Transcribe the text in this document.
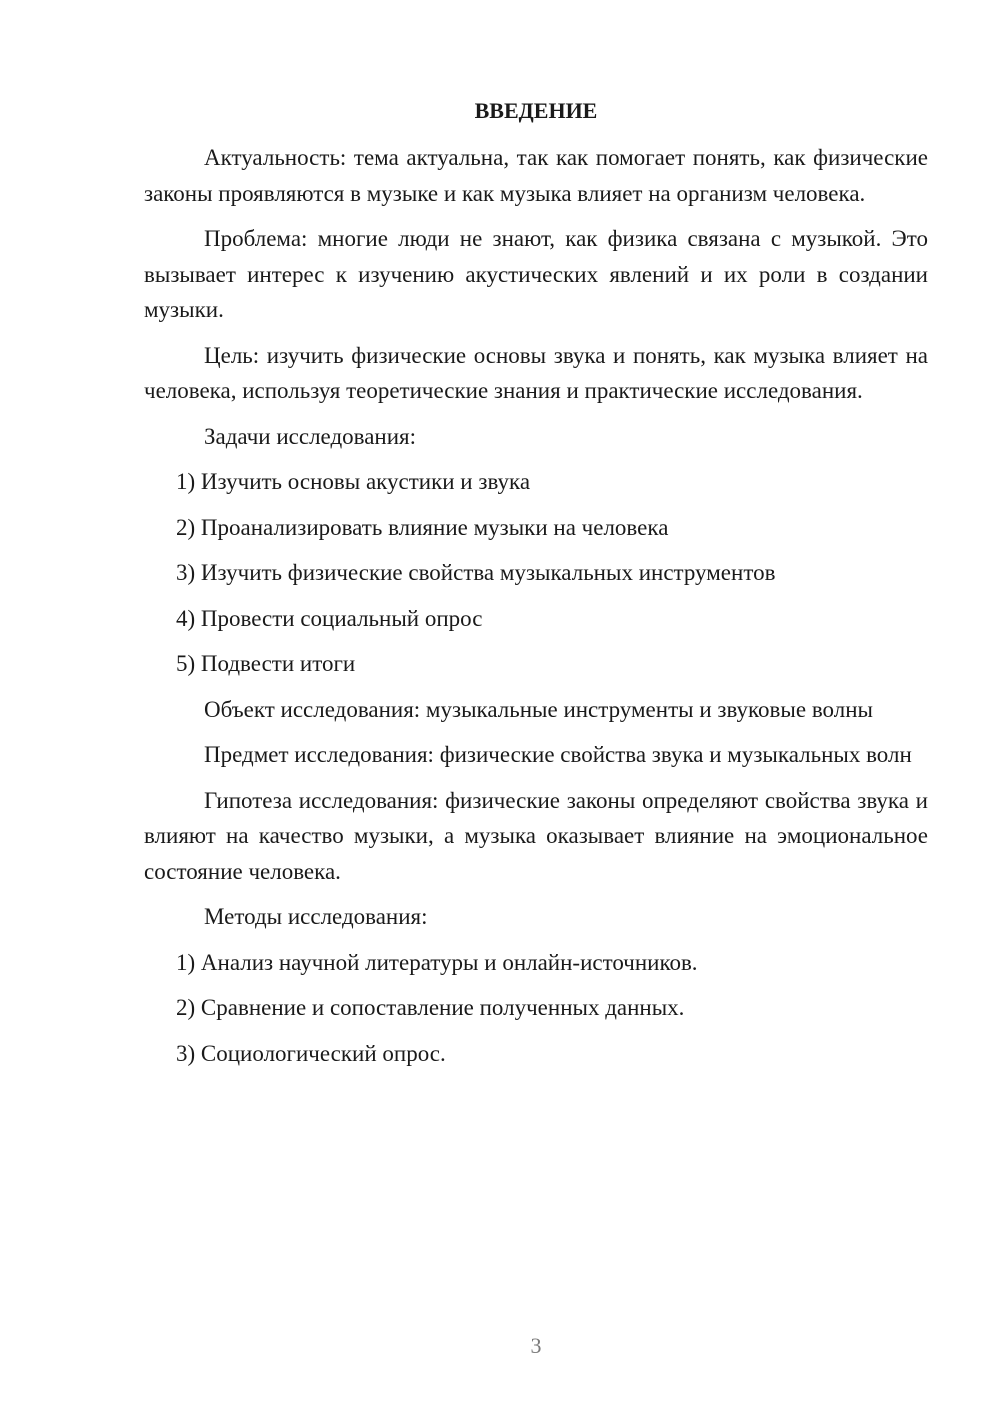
ВВЕДЕНИЕ

Актуальность: тема актуальна, так как помогает понять, как физические законы проявляются в музыке и как музыка влияет на организм человека.

Проблема: многие люди не знают, как физика связана с музыкой. Это вызывает интерес к изучению акустических явлений и их роли в создании музыки.

Цель: изучить физические основы звука и понять, как музыка влияет на человека, используя теоретические знания и практические исследования.

Задачи исследования:

1) Изучить основы акустики и звука
2) Проанализировать влияние музыки на человека
3) Изучить физические свойства музыкальных инструментов
4) Провести социальный опрос
5) Подвести итоги

Объект исследования: музыкальные инструменты и звуковые волны

Предмет исследования: физические свойства звука и музыкальных волн

Гипотеза исследования: физические законы определяют свойства звука и влияют на качество музыки, а музыка оказывает влияние на эмоциональное состояние человека.

Методы исследования:

1) Анализ научной литературы и онлайн-источников.
2) Сравнение и сопоставление полученных данных.
3) Социологический опрос.
3
